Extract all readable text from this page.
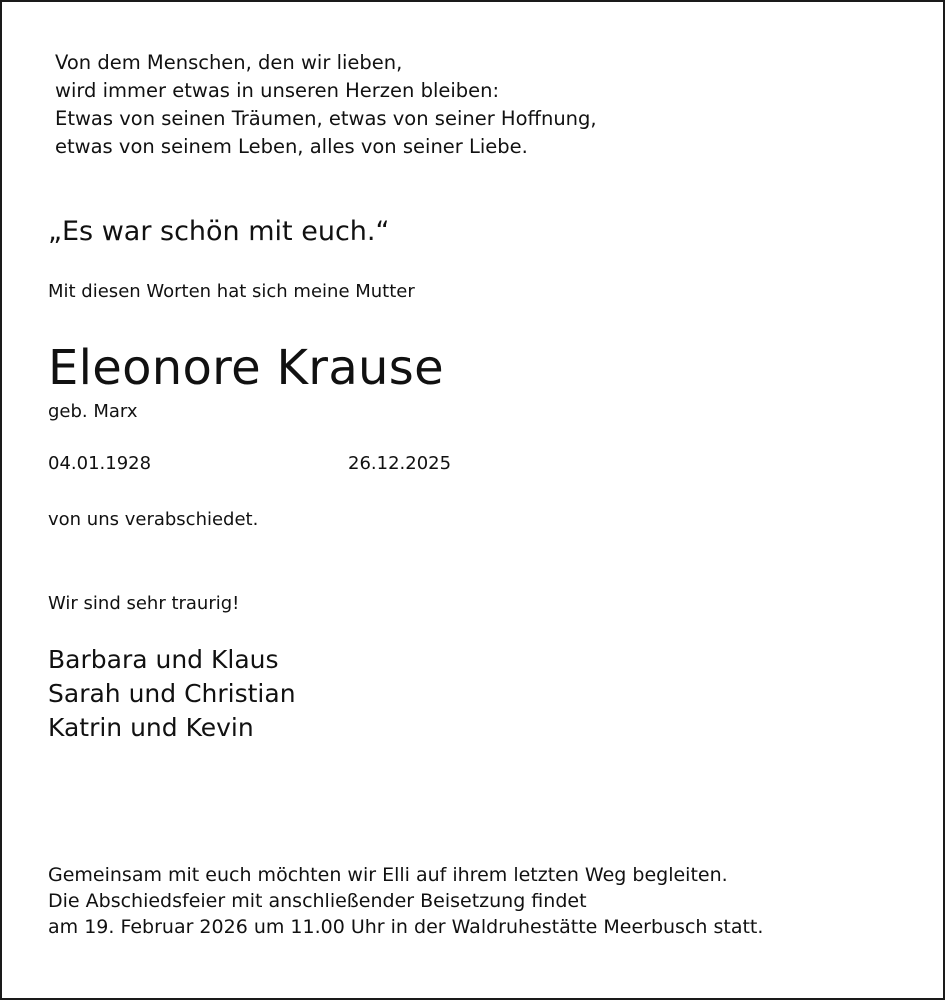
Von dem Menschen, den wir lieben,
wird immer etwas in unseren Herzen bleiben:
Etwas von seinen Träumen, etwas von seiner Hoffnung,
etwas von seinem Leben, alles von seiner Liebe.
„Es war schön mit euch.“
Mit diesen Worten hat sich meine Mutter
Eleonore Krause
geb. Marx
04.01.1928	26.12.2025
von uns verabschiedet.
Wir sind sehr traurig!
Barbara und Klaus
Sarah und Christian
Katrin und Kevin
Gemeinsam mit euch möchten wir Elli auf ihrem letzten Weg begleiten.
Die Abschiedsfeier mit anschließender Beisetzung findet
am 19. Februar 2026 um 11.00 Uhr in der Waldruhestätte Meerbusch statt.
